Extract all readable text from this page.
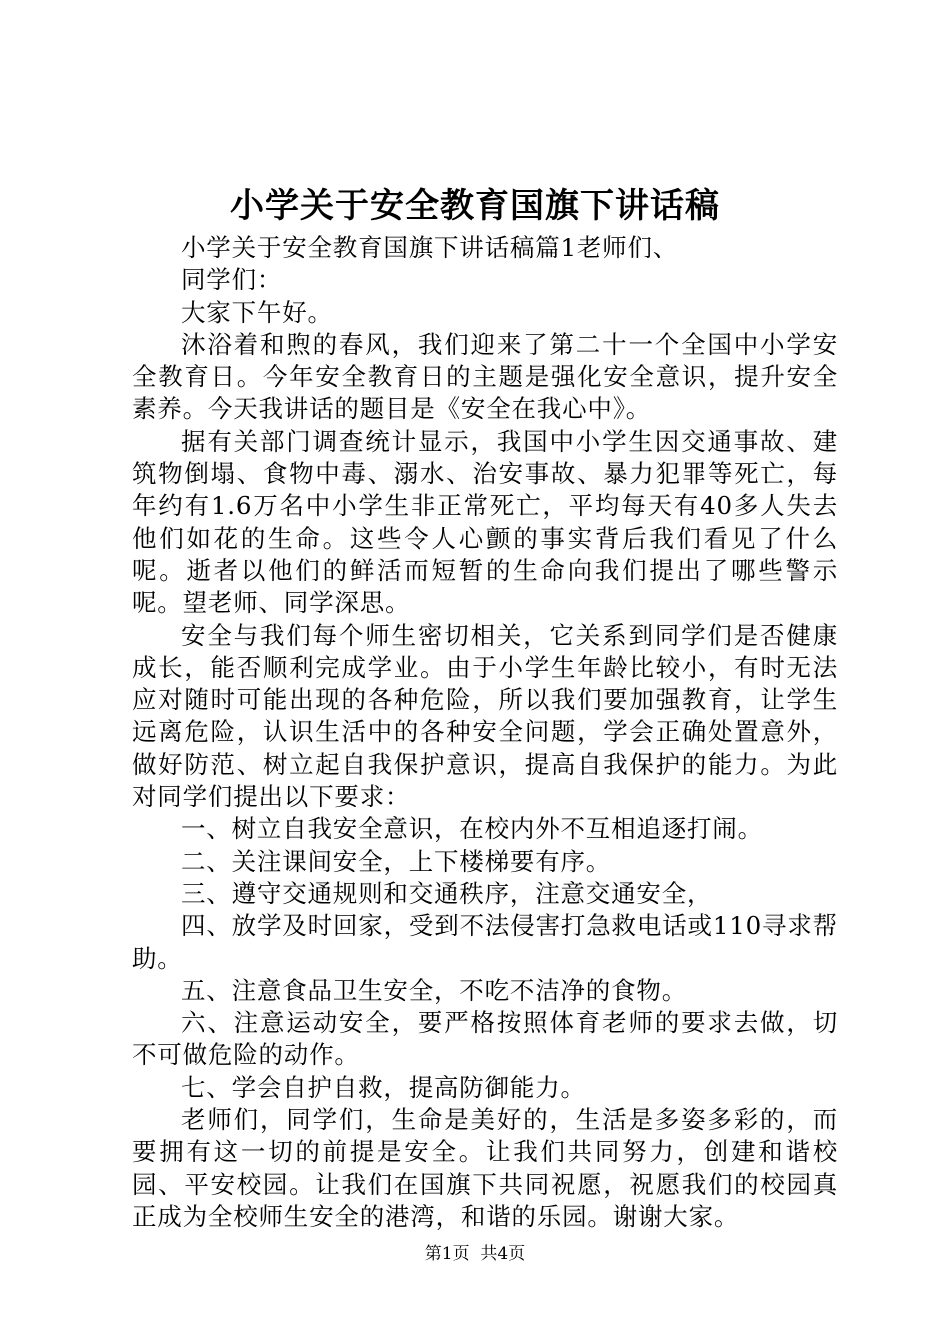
小学关于安全教育国旗下讲话稿

小学关于安全教育国旗下讲话稿篇1老师们、

同学们：

大家下午好。

沐浴着和煦的春风，我们迎来了第二十一个全国中小学安全教育日。今年安全教育日的主题是强化安全意识，提升安全素养。今天我讲话的题目是《安全在我心中》。

据有关部门调查统计显示，我国中小学生因交通事故、建筑物倒塌、食物中毒、溺水、治安事故、暴力犯罪等死亡，每年约有1.6万名中小学生非正常死亡，平均每天有40多人失去他们如花的生命。这些令人心颤的事实背后我们看见了什么呢。逝者以他们的鲜活而短暂的生命向我们提出了哪些警示呢。望老师、同学深思。

安全与我们每个师生密切相关，它关系到同学们是否健康成长，能否顺利完成学业。由于小学生年龄比较小，有时无法应对随时可能出现的各种危险，所以我们要加强教育，让学生远离危险，认识生活中的各种安全问题，学会正确处置意外，做好防范、树立起自我保护意识，提高自我保护的能力。为此对同学们提出以下要求：

一、树立自我安全意识，在校内外不互相追逐打闹。

二、关注课间安全，上下楼梯要有序。

三、遵守交通规则和交通秩序，注意交通安全，

四、放学及时回家，受到不法侵害打急救电话或110寻求帮助。

五、注意食品卫生安全，不吃不洁净的食物。

六、注意运动安全，要严格按照体育老师的要求去做，切不可做危险的动作。

七、学会自护自救，提高防御能力。

老师们，同学们，生命是美好的，生活是多姿多彩的，而要拥有这一切的前提是安全。让我们共同努力，创建和谐校园、平安校园。让我们在国旗下共同祝愿，祝愿我们的校园真正成为全校师生安全的港湾，和谐的乐园。谢谢大家。

第1页  共4页
